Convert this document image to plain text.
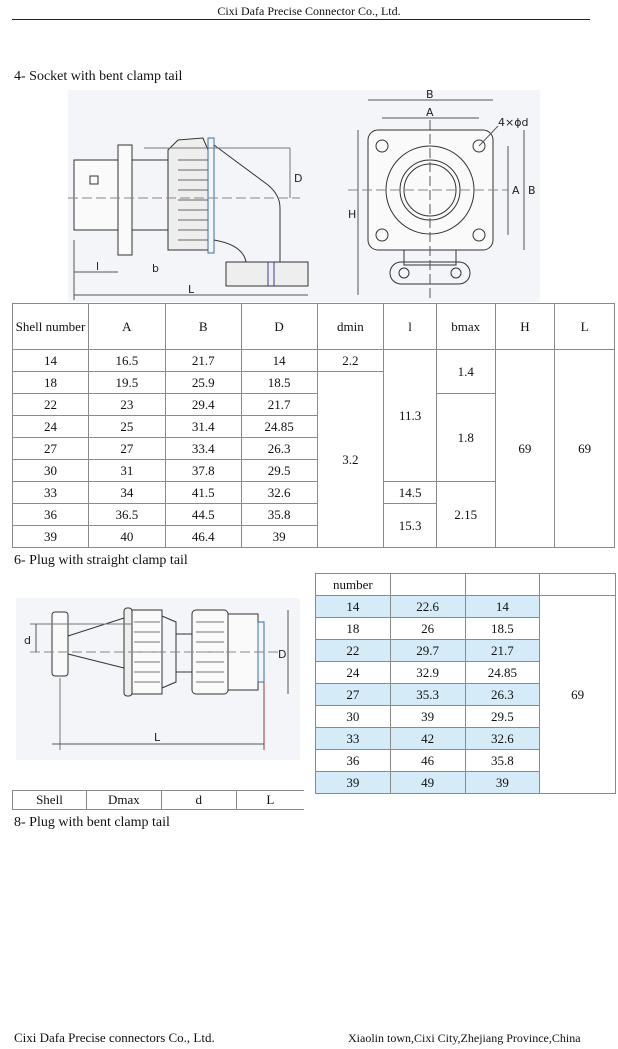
Cixi Dafa Precise Connector Co., Ltd.
4- Socket with bent clamp tail
B
A
4×ϕd
H
A B
D
l	b
L
Shell number	A	B	D	dmin	l	bmax	H	L
14	16.5	21.7	14	2.2	11.3	1.4	69	69
18	19.5	25.9	18.5	3.2				
22	23	29.4	21.7			1.8		
24	25	31.4	24.85					
27	27	33.4	26.3					
30	31	37.8	29.5					
33	34	41.5	32.6		14.5	2.15		
36	36.5	44.5	35.8		15.3			
39	40	46.4	39					
6- Plug with straight clamp tail
d
D
L
Shell	Dmax	d	L
number			
14	22.6	14	69
18	26	18.5	
22	29.7	21.7	
24	32.9	24.85	
27	35.3	26.3	
30	39	29.5	
33	42	32.6	
36	46	35.8	
39	49	39	
8- Plug with bent clamp tail
Cixi Dafa Precise connectors Co., Ltd.	Xiaolin town,Cixi City,Zhejiang Province,China
